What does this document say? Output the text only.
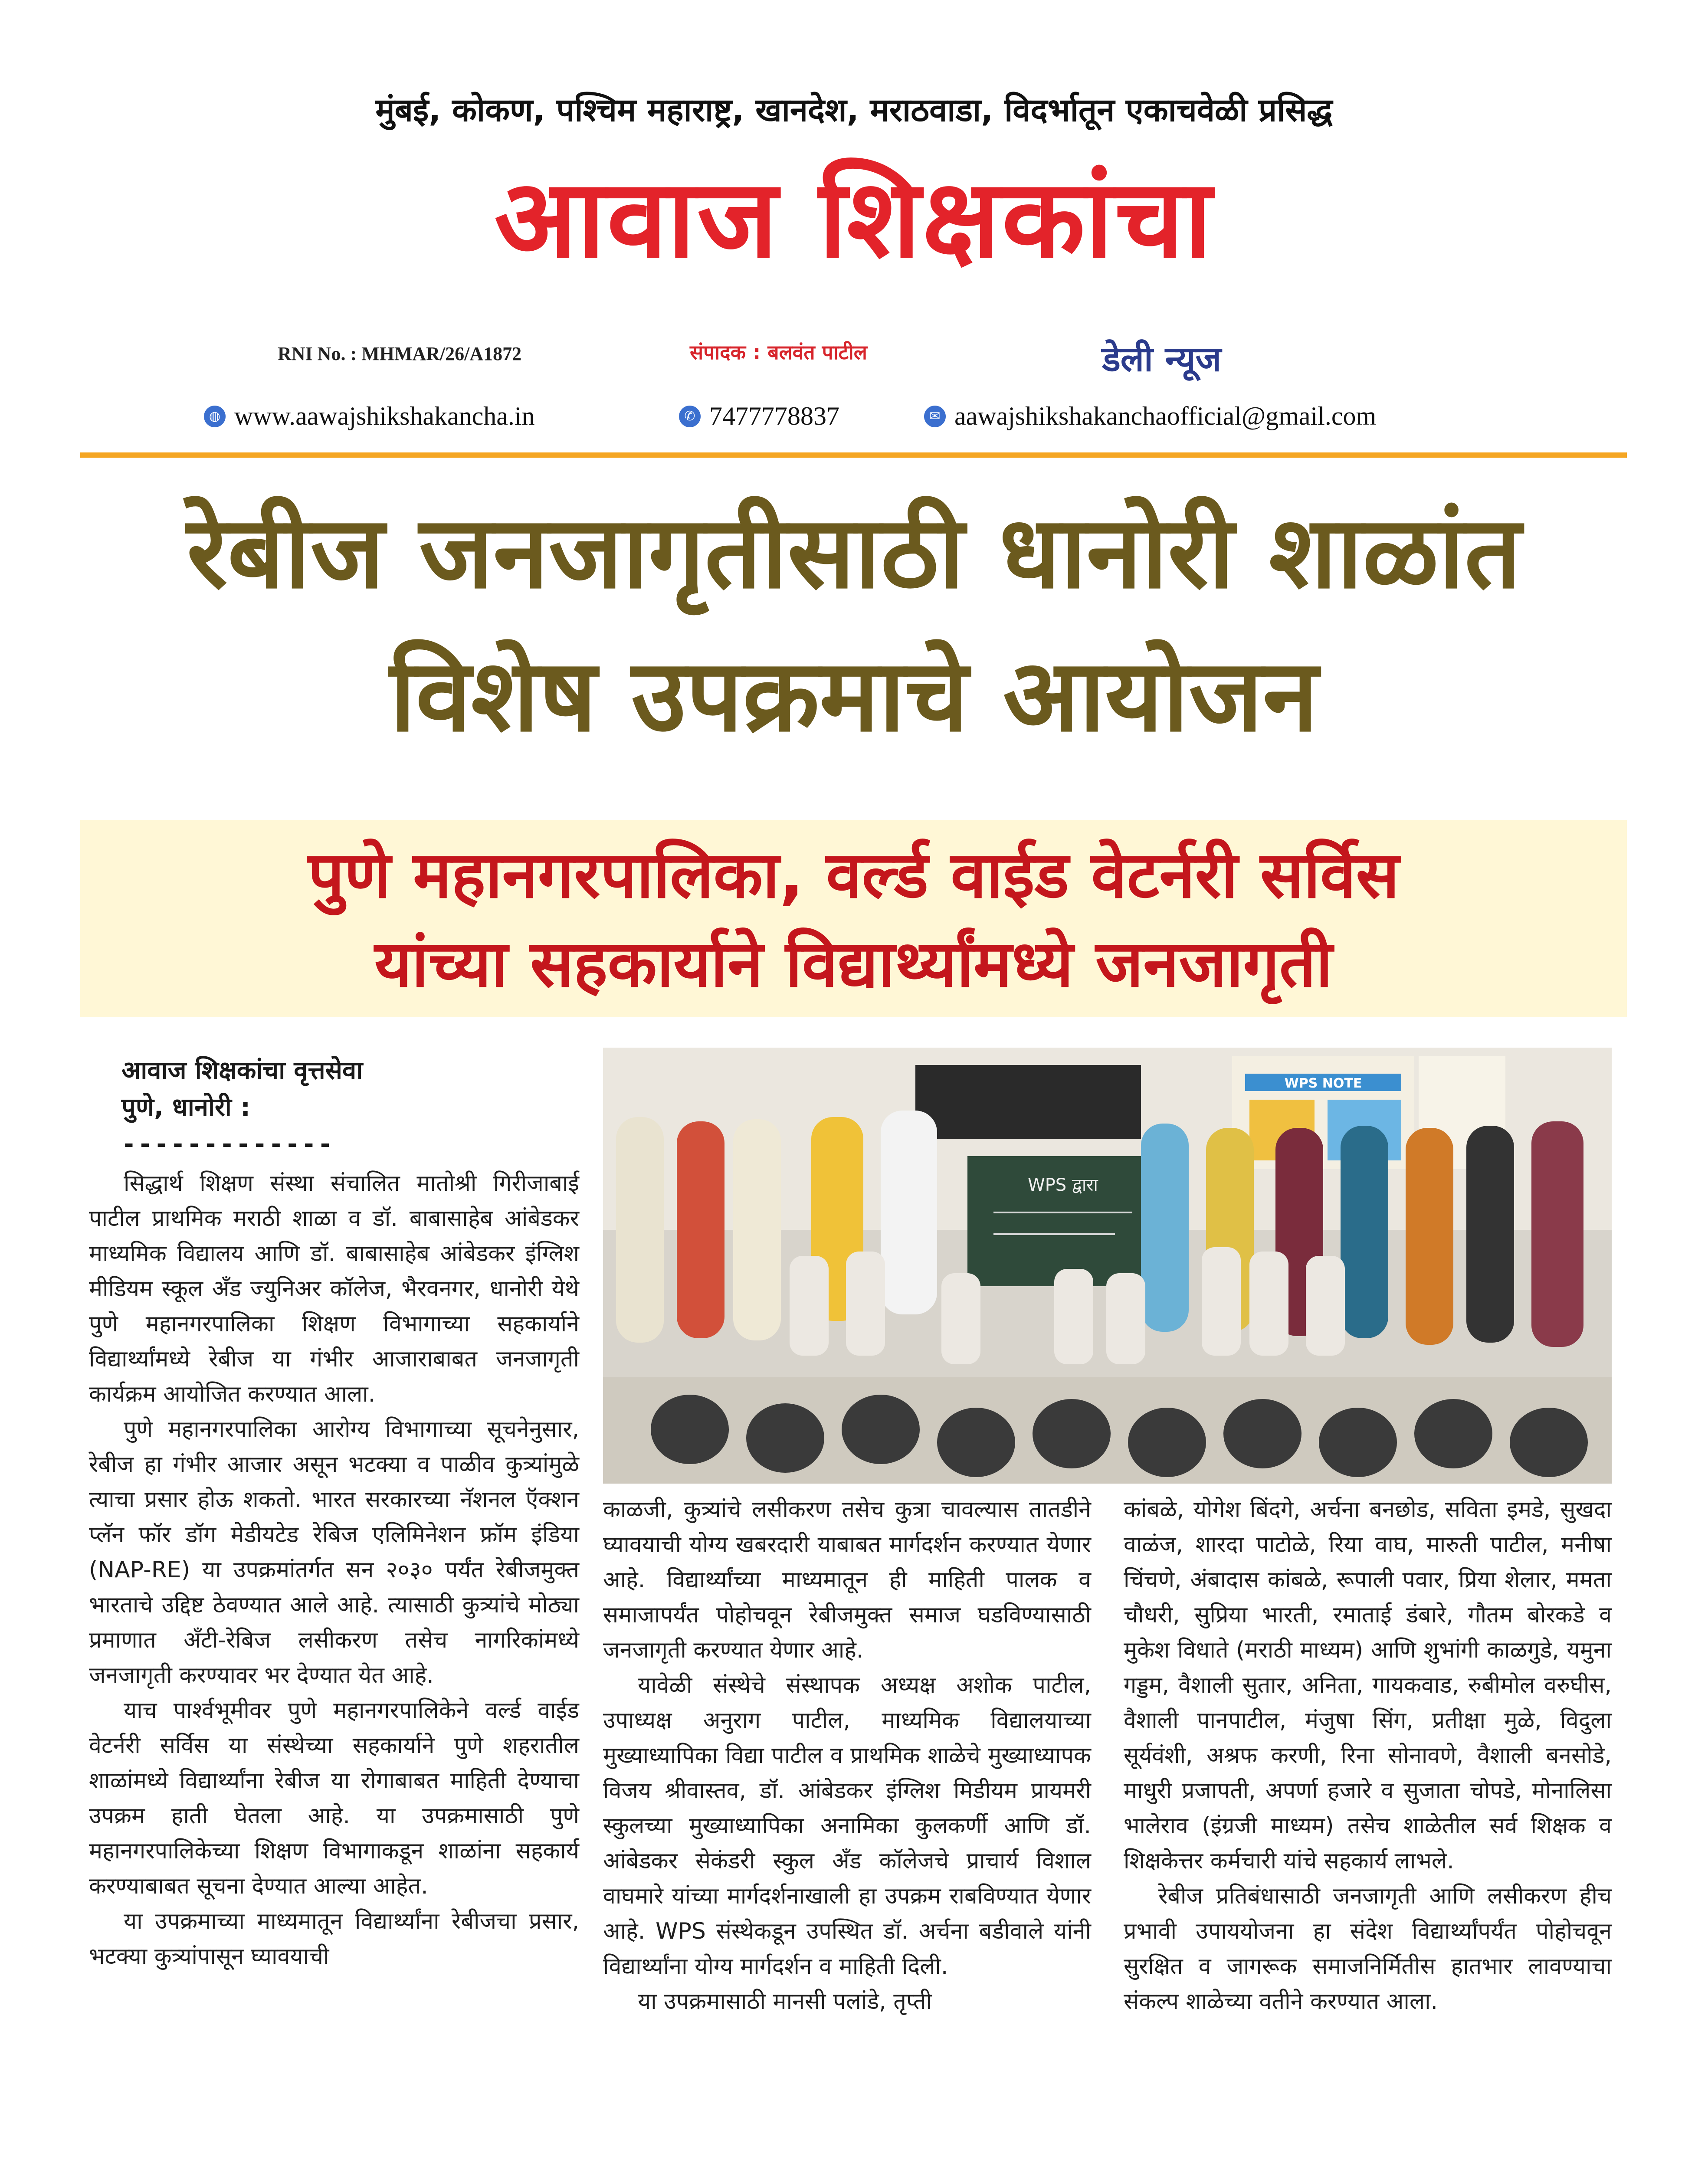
मुंबई, कोकण, पश्चिम महाराष्ट्र, खानदेश, मराठवाडा, विदर्भातून एकाचवेळी प्रसिद्ध
आवाज शिक्षकांचा
RNI No. : MHMAR/26/A1872	संपादक : बलवंत पाटील	डेली न्यूज
◍ www.aawajshikshakancha.in	✆ 7477778837	✉ aawajshikshakanchaofficial@gmail.com
रेबीज जनजागृतीसाठी धानोरी शाळांत
विशेष उपक्रमाचे आयोजन
पुणे महानगरपालिका, वर्ल्ड वाईड वेटर्नरी सर्विस
यांच्या सहकार्याने विद्यार्थ्यांमध्ये जनजागृती
आवाज शिक्षकांचा वृत्तसेवा
पुणे, धानोरी :
-------------

सिद्धार्थ शिक्षण संस्था संचालित मातोश्री गिरीजाबाई पाटील प्राथमिक मराठी शाळा व डॉ. बाबासाहेब आंबेडकर माध्यमिक विद्यालय आणि डॉ. बाबासाहेब आंबेडकर इंग्लिश मीडियम स्कूल अँड ज्युनिअर कॉलेज, भैरवनगर, धानोरी येथे पुणे महानगरपालिका शिक्षण विभागाच्या सहकार्याने विद्यार्थ्यांमध्ये रेबीज या गंभीर आजाराबाबत जनजागृती कार्यक्रम आयोजित करण्यात आला.

पुणे महानगरपालिका आरोग्य विभागाच्या सूचनेनुसार, रेबीज हा गंभीर आजार असून भटक्या व पाळीव कुत्र्यांमुळे त्याचा प्रसार होऊ शकतो. भारत सरकारच्या नॅशनल ऍक्शन प्लॅन फॉर डॉग मेडीयटेड रेबिज एलिमिनेशन फ्रॉम इंडिया (NAP-RE) या उपक्रमांतर्गत सन २०३० पर्यंत रेबीजमुक्त भारताचे उद्दिष्ट ठेवण्यात आले आहे. त्यासाठी कुत्र्यांचे मोठ्या प्रमाणात अँटी-रेबिज लसीकरण तसेच नागरिकांमध्ये जनजागृती करण्यावर भर देण्यात येत आहे.

याच पार्श्वभूमीवर पुणे महानगरपालिकेने वर्ल्ड वाईड वेटर्नरी सर्विस या संस्थेच्या सहकार्याने पुणे शहरातील शाळांमध्ये विद्यार्थ्यांना रेबीज या रोगाबाबत माहिती देण्याचा उपक्रम हाती घेतला आहे. या उपक्रमासाठी पुणे महानगरपालिकेच्या शिक्षण विभागाकडून शाळांना सहकार्य करण्याबाबत सूचना देण्यात आल्या आहेत.

या उपक्रमाच्या माध्यमातून विद्यार्थ्यांना रेबीजचा प्रसार, भटक्या कुत्र्यांपासून घ्यावयाची

WPS NOTE
WPS द्वारा

काळजी, कुत्र्यांचे लसीकरण तसेच कुत्रा चावल्यास तातडीने घ्यावयाची योग्य खबरदारी याबाबत मार्गदर्शन करण्यात येणार आहे. विद्यार्थ्यांच्या माध्यमातून ही माहिती पालक व समाजापर्यंत पोहोचवून रेबीजमुक्त समाज घडविण्यासाठी जनजागृती करण्यात येणार आहे.

यावेळी संस्थेचे संस्थापक अध्यक्ष अशोक पाटील, उपाध्यक्ष अनुराग पाटील, माध्यमिक विद्यालयाच्या मुख्याध्यापिका विद्या पाटील व प्राथमिक शाळेचे मुख्याध्यापक विजय श्रीवास्तव, डॉ. आंबेडकर इंग्लिश मिडीयम प्रायमरी स्कुलच्या मुख्याध्यापिका अनामिका कुलकर्णी आणि डॉ. आंबेडकर सेकंडरी स्कुल अँड कॉलेजचे प्राचार्य विशाल वाघमारे यांच्या मार्गदर्शनाखाली हा उपक्रम राबविण्यात येणार आहे. WPS संस्थेकडून उपस्थित डॉ. अर्चना बडीवाले यांनी विद्यार्थ्यांना योग्य मार्गदर्शन व माहिती दिली.

या उपक्रमासाठी मानसी पलांडे, तृप्ती

कांबळे, योगेश बिंदगे, अर्चना बनछोड, सविता इमडे, सुखदा वाळंज, शारदा पाटोळे, रिया वाघ, मारुती पाटील, मनीषा चिंचणे, अंबादास कांबळे, रूपाली पवार, प्रिया शेलार, ममता चौधरी, सुप्रिया भारती, रमाताई डंबारे, गौतम बोरकडे व मुकेश विधाते (मराठी माध्यम) आणि शुभांगी काळगुडे, यमुना गड्डम, वैशाली सुतार, अनिता, गायकवाड, रुबीमोल वरुघीस, वैशाली पानपाटील, मंजुषा सिंग, प्रतीक्षा मुळे, विदुला सूर्यवंशी, अश्रफ करणी, रिना सोनावणे, वैशाली बनसोडे, माधुरी प्रजापती, अपर्णा हजारे व सुजाता चोपडे, मोनालिसा भालेराव (इंग्रजी माध्यम) तसेच शाळेतील सर्व शिक्षक व शिक्षकेत्तर कर्मचारी यांचे सहकार्य लाभले.

रेबीज प्रतिबंधासाठी जनजागृती आणि लसीकरण हीच प्रभावी उपाययोजना हा संदेश विद्यार्थ्यांपर्यंत पोहोचवून सुरक्षित व जागरूक समाजनिर्मितीस हातभार लावण्याचा संकल्प शाळेच्या वतीने करण्यात आला.
